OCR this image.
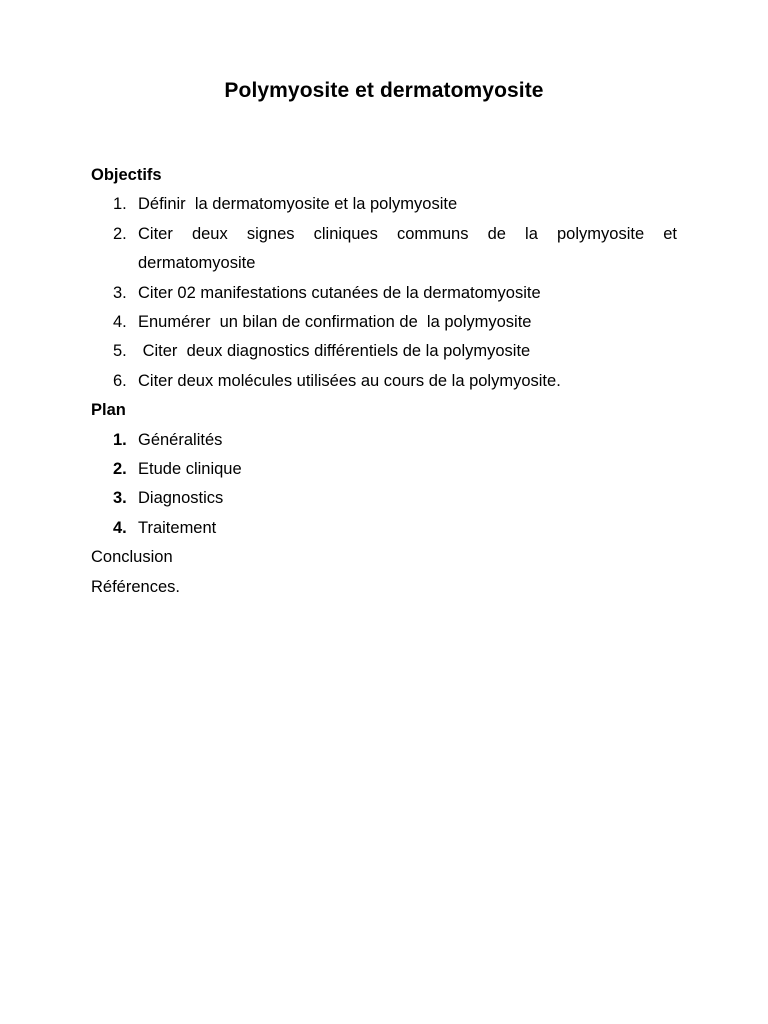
Polymyosite et dermatomyosite
Objectifs
1. Définir  la dermatomyosite et la polymyosite
2. Citer deux signes cliniques communs de la polymyosite et
dermatomyosite
3. Citer 02 manifestations cutanées de la dermatomyosite
4. Enumérer  un bilan de confirmation de  la polymyosite
5. Citer  deux diagnostics différentiels de la polymyosite
6. Citer deux molécules utilisées au cours de la polymyosite.
Plan
1. Généralités
2. Etude clinique
3. Diagnostics
4. Traitement
Conclusion
Références.
